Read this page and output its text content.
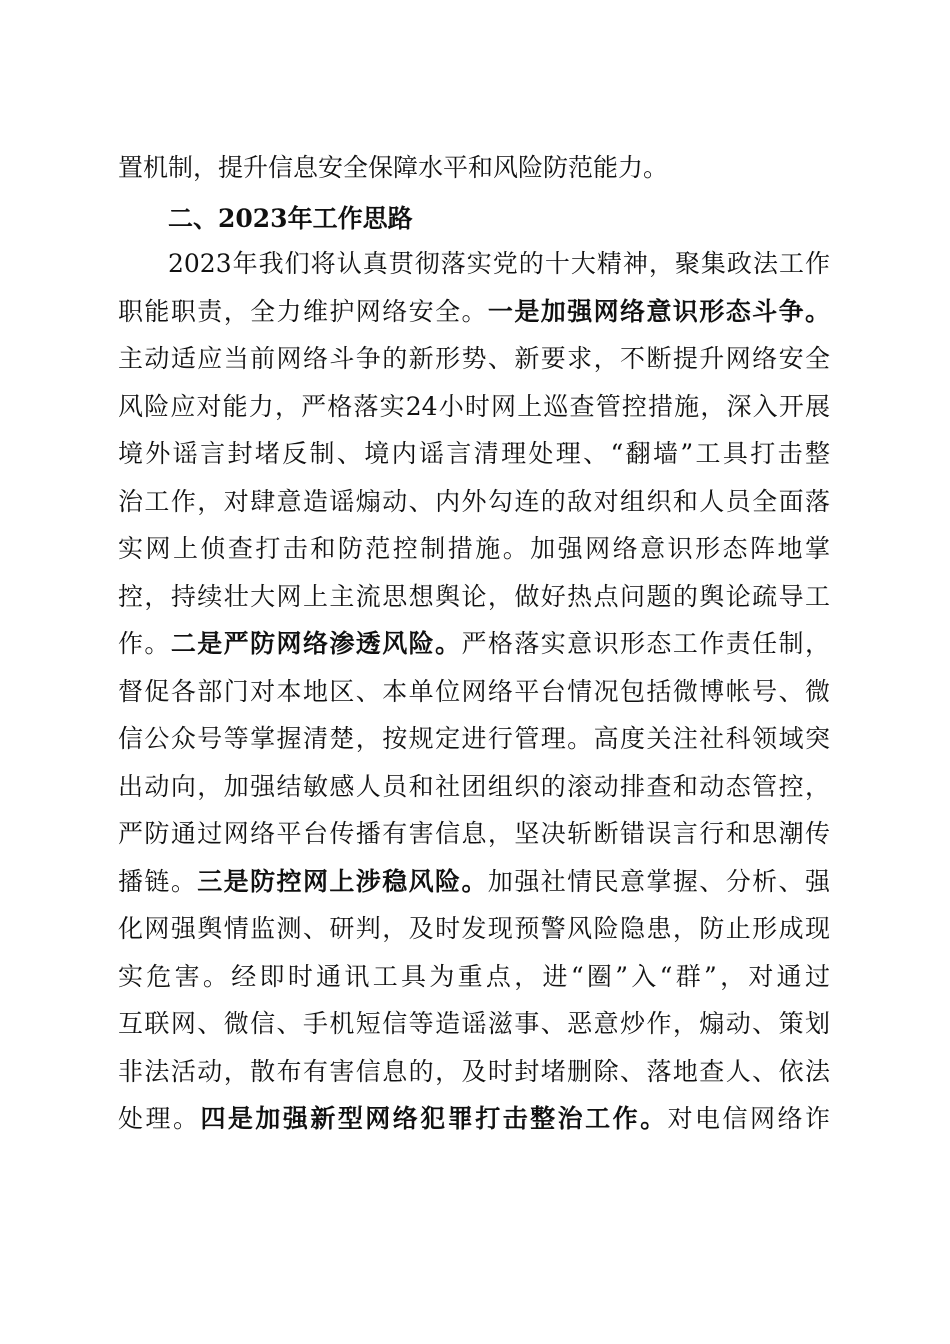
置机制，提升信息安全保障水平和风险防范能力。
二、2023年工作思路
2023年我们将认真贯彻落实党的十大精神，聚集政法工作
职能职责，全力维护网络安全。一是加强网络意识形态斗争。
主动适应当前网络斗争的新形势、新要求，不断提升网络安全
风险应对能力，严格落实24小时网上巡查管控措施，深入开展
境外谣言封堵反制、境内谣言清理处理、“翻墙”工具打击整
治工作，对肆意造谣煽动、内外勾连的敌对组织和人员全面落
实网上侦查打击和防范控制措施。加强网络意识形态阵地掌
控，持续壮大网上主流思想舆论，做好热点问题的舆论疏导工
作。二是严防网络渗透风险。严格落实意识形态工作责任制，
督促各部门对本地区、本单位网络平台情况包括微博帐号、微
信公众号等掌握清楚，按规定进行管理。高度关注社科领域突
出动向，加强结敏感人员和社团组织的滚动排查和动态管控，
严防通过网络平台传播有害信息，坚决斩断错误言行和思潮传
播链。三是防控网上涉稳风险。加强社情民意掌握、分析、强
化网强舆情监测、研判，及时发现预警风险隐患，防止形成现
实危害。经即时通讯工具为重点，进“圈”入“群”，对通过
互联网、微信、手机短信等造谣滋事、恶意炒作，煽动、策划
非法活动，散布有害信息的，及时封堵删除、落地查人、依法
处理。四是加强新型网络犯罪打击整治工作。对电信网络诈
